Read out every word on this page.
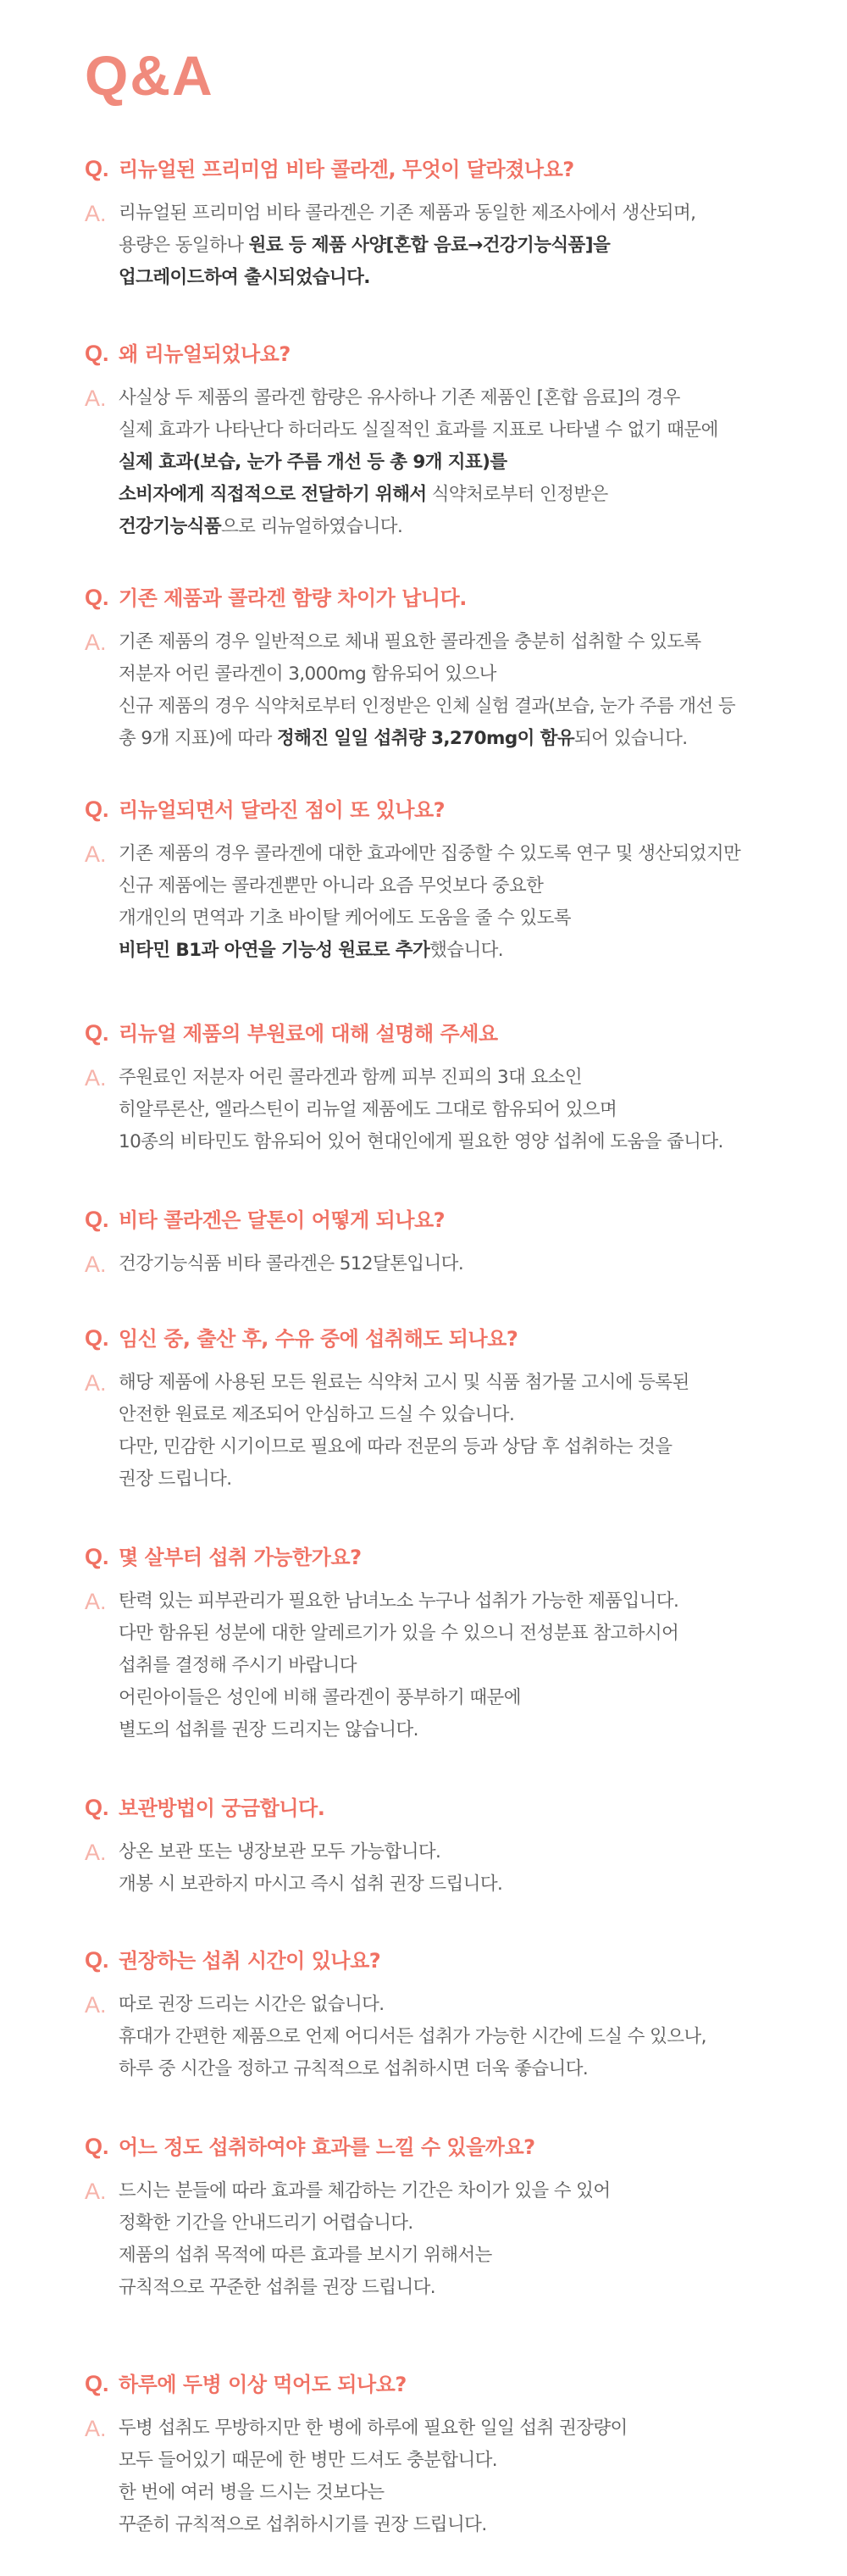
Q&A
Q. 리뉴얼된 프리미엄 비타 콜라겐, 무엇이 달라졌나요?
A. 리뉴얼된 프리미엄 비타 콜라겐은 기존 제품과 동일한 제조사에서 생산되며,
용량은 동일하나 원료 등 제품 사양[혼합 음료→건강기능식품]을
업그레이드하여 출시되었습니다.
Q. 왜 리뉴얼되었나요?
A. 사실상 두 제품의 콜라겐 함량은 유사하나 기존 제품인 [혼합 음료]의 경우
실제 효과가 나타난다 하더라도 실질적인 효과를 지표로 나타낼 수 없기 때문에
실제 효과(보습, 눈가 주름 개선 등 총 9개 지표)를
소비자에게 직접적으로 전달하기 위해서 식약처로부터 인정받은
건강기능식품으로 리뉴얼하였습니다.
Q. 기존 제품과 콜라겐 함량 차이가 납니다.
A. 기존 제품의 경우 일반적으로 체내 필요한 콜라겐을 충분히 섭취할 수 있도록
저분자 어린 콜라겐이 3,000mg 함유되어 있으나
신규 제품의 경우 식약처로부터 인정받은 인체 실험 결과(보습, 눈가 주름 개선 등
총 9개 지표)에 따라 정해진 일일 섭취량 3,270mg이 함유되어 있습니다.
Q. 리뉴얼되면서 달라진 점이 또 있나요?
A. 기존 제품의 경우 콜라겐에 대한 효과에만 집중할 수 있도록 연구 및 생산되었지만
신규 제품에는 콜라겐뿐만 아니라 요즘 무엇보다 중요한
개개인의 면역과 기초 바이탈 케어에도 도움을 줄 수 있도록
비타민 B1과 아연을 기능성 원료로 추가했습니다.
Q. 리뉴얼 제품의 부원료에 대해 설명해 주세요
A. 주원료인 저분자 어린 콜라겐과 함께 피부 진피의 3대 요소인
히알루론산, 엘라스틴이 리뉴얼 제품에도 그대로 함유되어 있으며
10종의 비타민도 함유되어 있어 현대인에게 필요한 영양 섭취에 도움을 줍니다.
Q. 비타 콜라겐은 달톤이 어떻게 되나요?
A. 건강기능식품 비타 콜라겐은 512달톤입니다.
Q. 임신 중, 출산 후, 수유 중에 섭취해도 되나요?
A. 해당 제품에 사용된 모든 원료는 식약처 고시 및 식품 첨가물 고시에 등록된
안전한 원료로 제조되어 안심하고 드실 수 있습니다.
다만, 민감한 시기이므로 필요에 따라 전문의 등과 상담 후 섭취하는 것을
권장 드립니다.
Q. 몇 살부터 섭취 가능한가요?
A. 탄력 있는 피부관리가 필요한 남녀노소 누구나 섭취가 가능한 제품입니다.
다만 함유된 성분에 대한 알레르기가 있을 수 있으니 전성분표 참고하시어
섭취를 결정해 주시기 바랍니다
어린아이들은 성인에 비해 콜라겐이 풍부하기 때문에
별도의 섭취를 권장 드리지는 않습니다.
Q. 보관방법이 궁금합니다.
A. 상온 보관 또는 냉장보관 모두 가능합니다.
개봉 시 보관하지 마시고 즉시 섭취 권장 드립니다.
Q. 권장하는 섭취 시간이 있나요?
A. 따로 권장 드리는 시간은 없습니다.
휴대가 간편한 제품으로 언제 어디서든 섭취가 가능한 시간에 드실 수 있으나,
하루 중 시간을 정하고 규칙적으로 섭취하시면 더욱 좋습니다.
Q. 어느 정도 섭취하여야 효과를 느낄 수 있을까요?
A. 드시는 분들에 따라 효과를 체감하는 기간은 차이가 있을 수 있어
정확한 기간을 안내드리기 어렵습니다.
제품의 섭취 목적에 따른 효과를 보시기 위해서는
규칙적으로 꾸준한 섭취를 권장 드립니다.
Q. 하루에 두병 이상 먹어도 되나요?
A. 두병 섭취도 무방하지만 한 병에 하루에 필요한 일일 섭취 권장량이
모두 들어있기 때문에 한 병만 드셔도 충분합니다.
한 번에 여러 병을 드시는 것보다는
꾸준히 규칙적으로 섭취하시기를 권장 드립니다.
